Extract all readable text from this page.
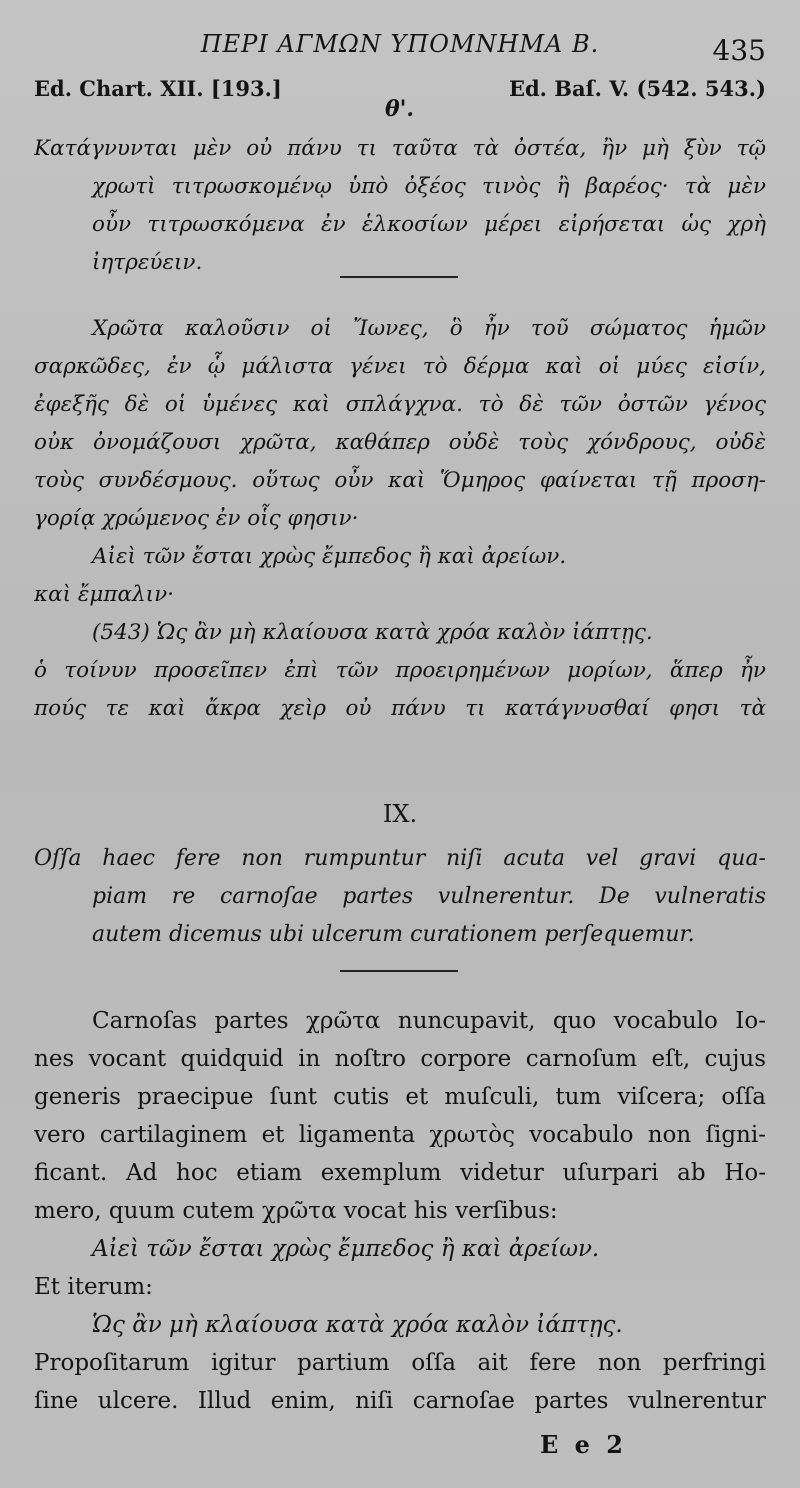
ΠΕΡΙ ΑΓΜΩΝ ΥΠΟΜΝΗΜΑ Β.	435
Ed. Chart. XII. [193.]	Ed. Baſ. V. (542. 543.)
θ'.
Κατάγνυνται μὲν οὐ πάνυ τι ταῦτα τὰ ὀστέα, ἢν μὴ ξὺν τῷ
χρωτὶ τιτρωσκομένῳ ὑπὸ ὀξέος τινὸς ἢ βαρέος· τὰ μὲν
οὖν τιτρωσκόμενα ἐν ἑλκοσίων μέρει εἰρήσεται ὡς χρὴ
ἰητρεύειν.
Χρῶτα καλοῦσιν οἱ Ἴωνες, ὃ ἦν τοῦ σώματος ἡμῶν
σαρκῶδες, ἐν ᾧ μάλιστα γένει τὸ δέρμα καὶ οἱ μύες εἰσίν,
ἐφεξῆς δὲ οἱ ὑμένες καὶ σπλάγχνα. τὸ δὲ τῶν ὀστῶν γένος
οὐκ ὀνομάζουσι χρῶτα, καθάπερ οὐδὲ τοὺς χόνδρους, οὐδὲ
τοὺς συνδέσμους. οὕτως οὖν καὶ Ὅμηρος φαίνεται τῇ προση-
γορίᾳ χρώμενος ἐν οἷς φησιν·
Αἰεὶ τῶν ἔσται χρὼς ἔμπεδος ἢ καὶ ἀρείων.
καὶ ἔμπαλιν·
(543) Ὡς ἂν μὴ κλαίουσα κατὰ χρόα καλὸν ἰάπτῃς.
ὁ τοίνυν προσεῖπεν ἐπὶ τῶν προειρημένων μορίων, ἅπερ ἦν
πούς τε καὶ ἄκρα χεὶρ οὐ πάνυ τι κατάγνυσθαί φησι τὰ
IX.
Oſſa haec fere non rumpuntur niſi acuta vel gravi qua-
piam re carnoſae partes vulnerentur. De vulneratis
autem dicemus ubi ulcerum curationem perſequemur.
Carnoſas partes χρῶτα nuncupavit, quo vocabulo Io-
nes vocant quidquid in noſtro corpore carnoſum eſt, cujus
generis praecipue ſunt cutis et muſculi, tum viſcera; oſſa
vero cartilaginem et ligamenta χρωτὸς vocabulo non ſigni-
ficant. Ad hoc etiam exemplum videtur uſurpari ab Ho-
mero, quum cutem χρῶτα vocat his verſibus:
Αἰεὶ τῶν ἔσται χρὼς ἔμπεδος ἢ καὶ ἀρείων.
Et iterum:
Ὡς ἂν μὴ κλαίουσα κατὰ χρόα καλὸν ἰάπτῃς.
Propoſitarum igitur partium oſſa ait fere non perfringi
ſine ulcere. Illud enim, niſi carnoſae partes vulnerentur
E e 2
